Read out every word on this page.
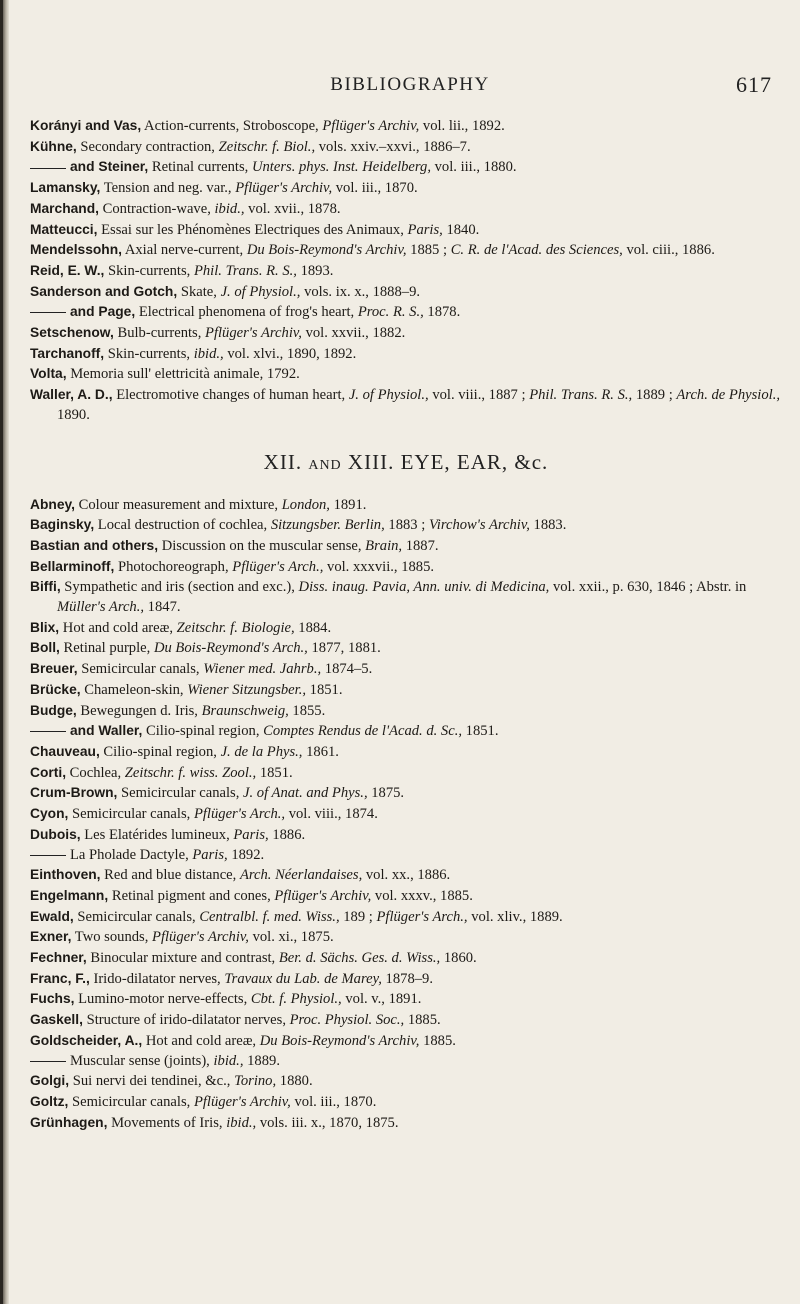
BIBLIOGRAPHY	617

Korányi and Vas, Action-currents, Stroboscope, Pflüger's Archiv, vol. lii., 1892.

Kühne, Secondary contraction, Zeitschr. f. Biol., vols. xxiv.–xxvi., 1886–7.

and Steiner, Retinal currents, Unters. phys. Inst. Heidelberg, vol. iii., 1880.

Lamansky, Tension and neg. var., Pflüger's Archiv, vol. iii., 1870.

Marchand, Contraction-wave, ibid., vol. xvii., 1878.

Matteucci, Essai sur les Phénomènes Electriques des Animaux, Paris, 1840.

Mendelssohn, Axial nerve-current, Du Bois-Reymond's Archiv, 1885 ; C. R. de l'Acad. des Sciences, vol. ciii., 1886.

Reid, E. W., Skin-currents, Phil. Trans. R. S., 1893.

Sanderson and Gotch, Skate, J. of Physiol., vols. ix. x., 1888–9.

and Page, Electrical phenomena of frog's heart, Proc. R. S., 1878.

Setschenow, Bulb-currents, Pflüger's Archiv, vol. xxvii., 1882.

Tarchanoff, Skin-currents, ibid., vol. xlvi., 1890, 1892.

Volta, Memoria sull' elettricità animale, 1792.

Waller, A. D., Electromotive changes of human heart, J. of Physiol., vol. viii., 1887 ; Phil. Trans. R. S., 1889 ; Arch. de Physiol., 1890.

XII. AND XIII. EYE, EAR, &c.

Abney, Colour measurement and mixture, London, 1891.

Baginsky, Local destruction of cochlea, Sitzungsber. Berlin, 1883 ; Virchow's Archiv, 1883.

Bastian and others, Discussion on the muscular sense, Brain, 1887.

Bellarminoff, Photochoreograph, Pflüger's Arch., vol. xxxvii., 1885.

Biffi, Sympathetic and iris (section and exc.), Diss. inaug. Pavia, Ann. univ. di Medicina, vol. xxii., p. 630, 1846 ; Abstr. in Müller's Arch., 1847.

Blix, Hot and cold areæ, Zeitschr. f. Biologie, 1884.

Boll, Retinal purple, Du Bois-Reymond's Arch., 1877, 1881.

Breuer, Semicircular canals, Wiener med. Jahrb., 1874–5.

Brücke, Chameleon-skin, Wiener Sitzungsber., 1851.

Budge, Bewegungen d. Iris, Braunschweig, 1855.

and Waller, Cilio-spinal region, Comptes Rendus de l'Acad. d. Sc., 1851.

Chauveau, Cilio-spinal region, J. de la Phys., 1861.

Corti, Cochlea, Zeitschr. f. wiss. Zool., 1851.

Crum-Brown, Semicircular canals, J. of Anat. and Phys., 1875.

Cyon, Semicircular canals, Pflüger's Arch., vol. viii., 1874.

Dubois, Les Elatérides lumineux, Paris, 1886.

La Pholade Dactyle, Paris, 1892.

Einthoven, Red and blue distance, Arch. Néerlandaises, vol. xx., 1886.

Engelmann, Retinal pigment and cones, Pflüger's Archiv, vol. xxxv., 1885.

Ewald, Semicircular canals, Centralbl. f. med. Wiss., 189 ; Pflüger's Arch., vol. xliv., 1889.

Exner, Two sounds, Pflüger's Archiv, vol. xi., 1875.

Fechner, Binocular mixture and contrast, Ber. d. Sächs. Ges. d. Wiss., 1860.

Franc, F., Irido-dilatator nerves, Travaux du Lab. de Marey, 1878–9.

Fuchs, Lumino-motor nerve-effects, Cbt. f. Physiol., vol. v., 1891.

Gaskell, Structure of irido-dilatator nerves, Proc. Physiol. Soc., 1885.

Goldscheider, A., Hot and cold areæ, Du Bois-Reymond's Archiv, 1885.

Muscular sense (joints), ibid., 1889.

Golgi, Sui nervi dei tendinei, &c., Torino, 1880.

Goltz, Semicircular canals, Pflüger's Archiv, vol. iii., 1870.

Grünhagen, Movements of Iris, ibid., vols. iii. x., 1870, 1875.
